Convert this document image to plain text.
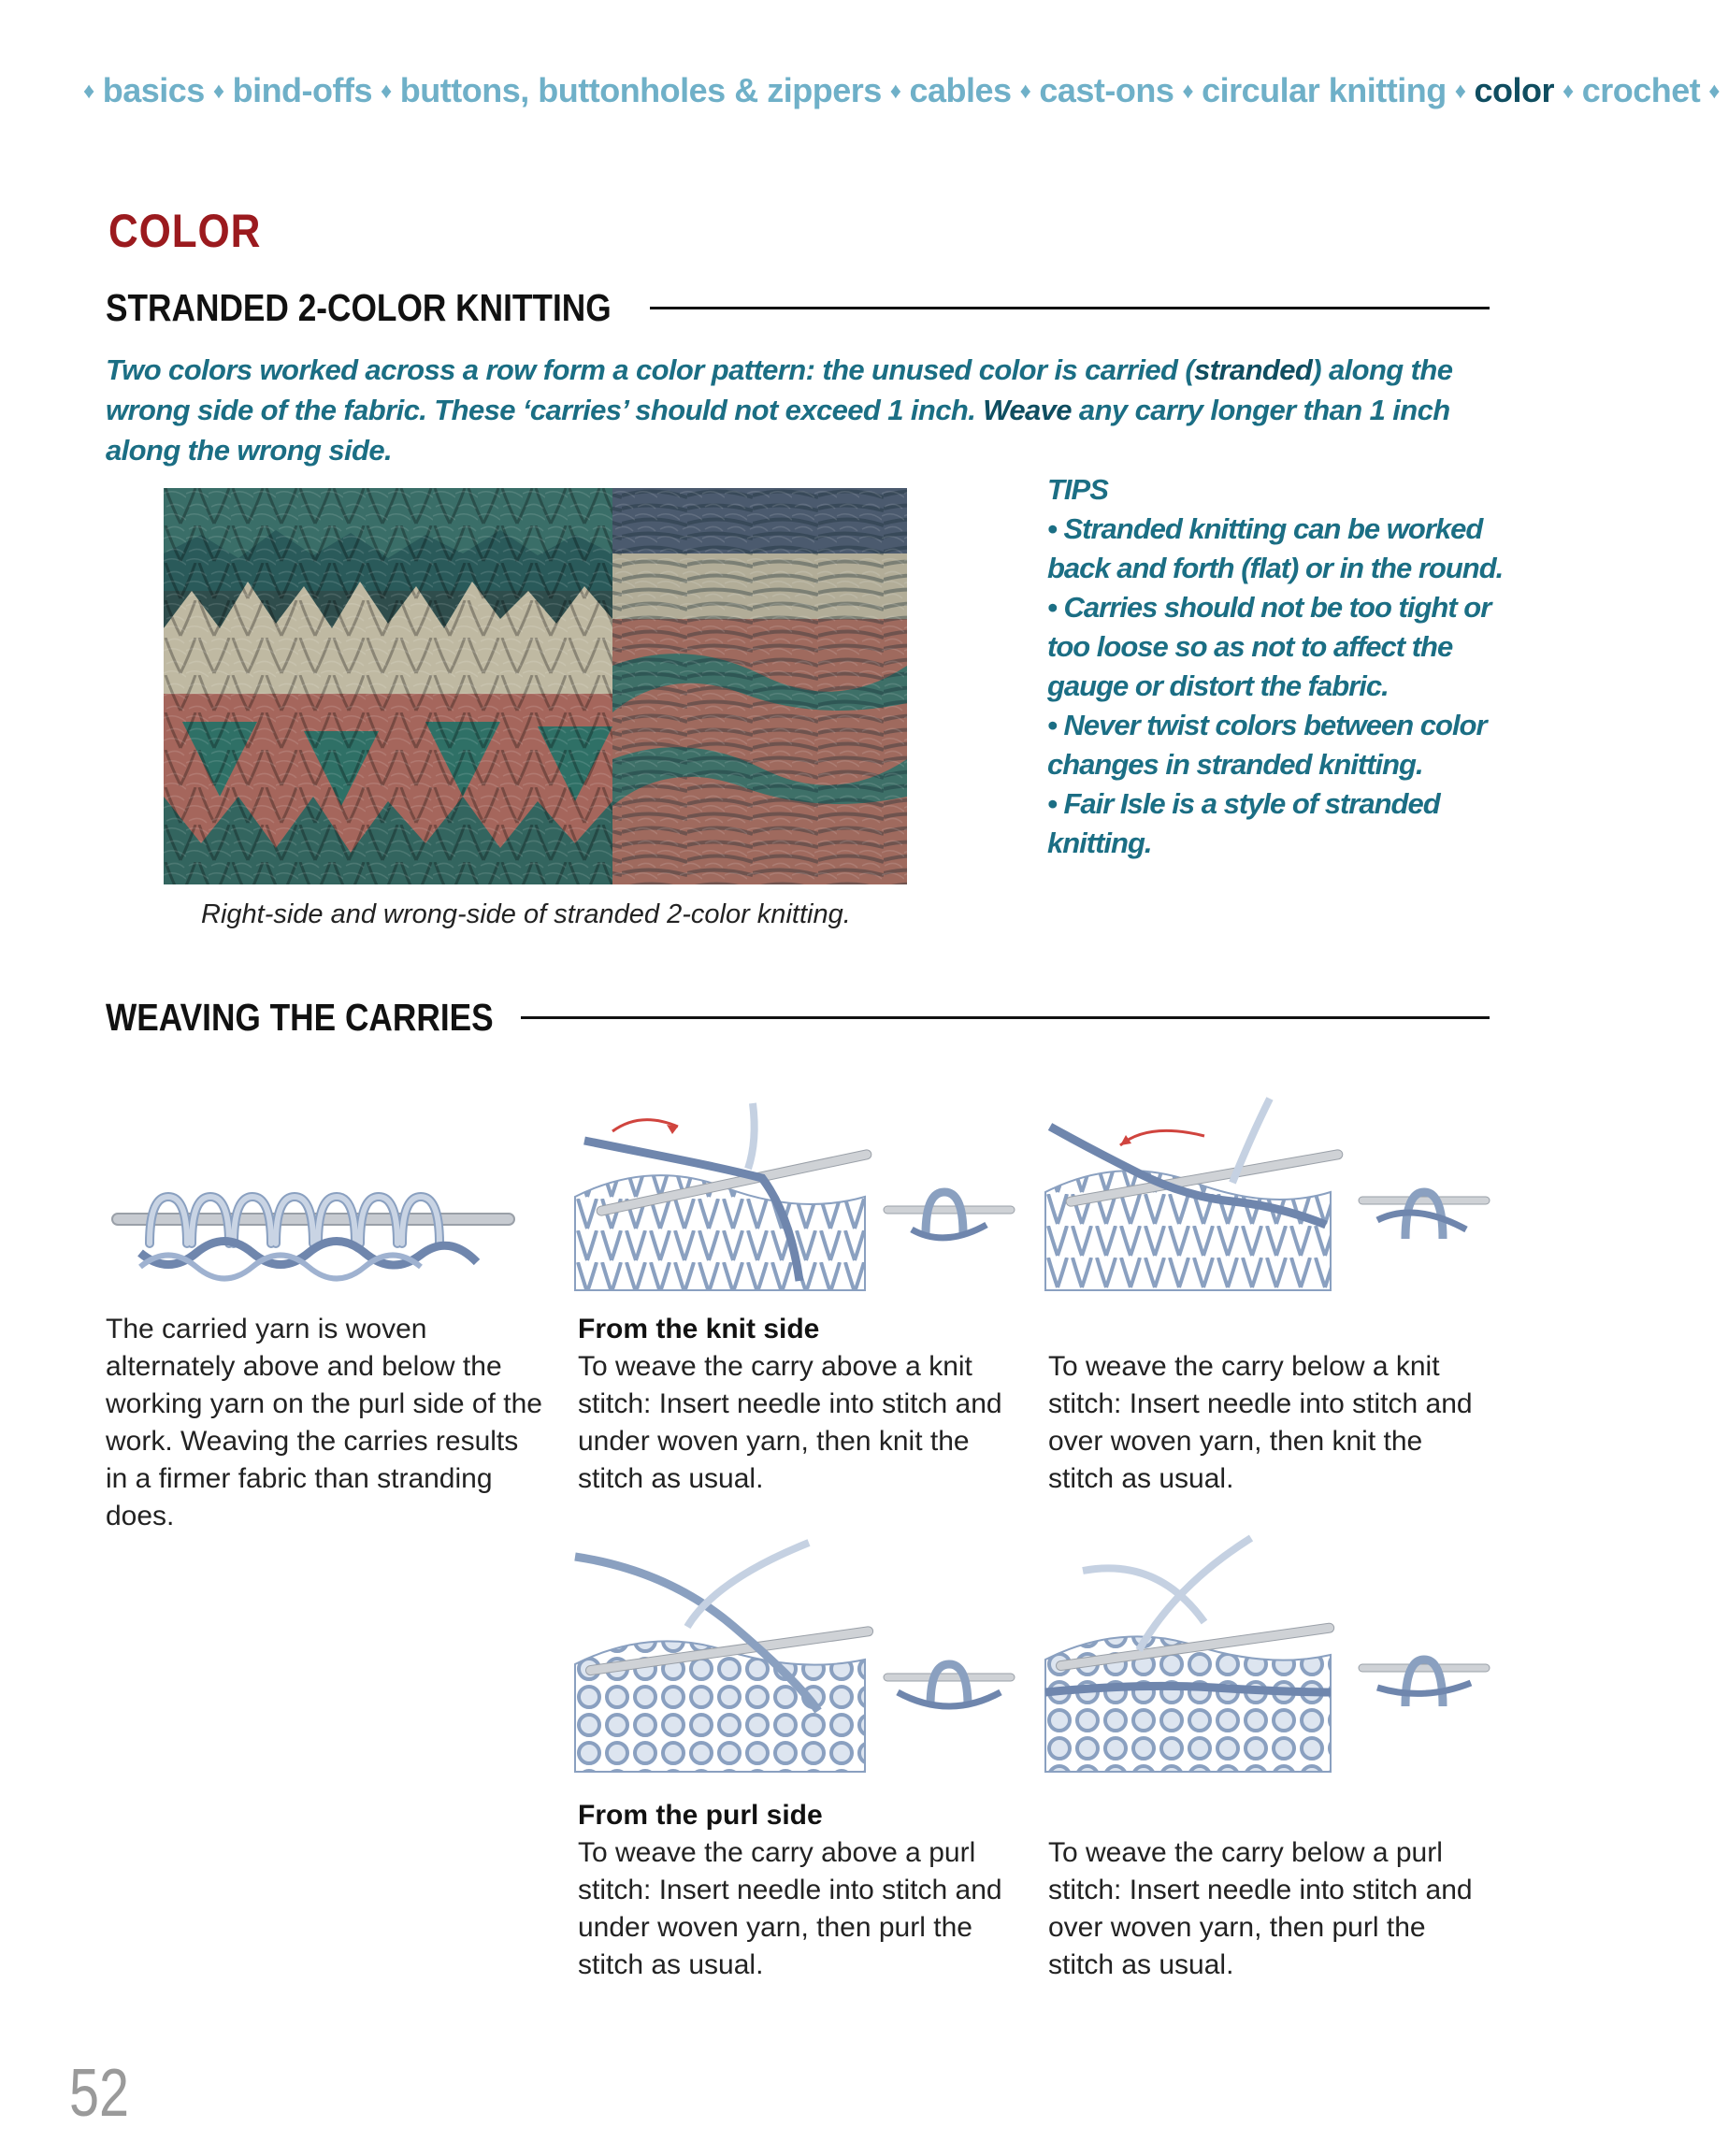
♦ basics ♦ bind-offs ♦ buttons, buttonholes & zippers ♦ cables ♦ cast-ons ♦ circular knitting ♦ color ♦ crochet ♦
COLOR
STRANDED 2-COLOR KNITTING
Two colors worked across a row form a color pattern: the unused color is carried (stranded) along the wrong side of the fabric. These ‘carries’ should not exceed 1 inch. Weave any carry longer than 1 inch along the wrong side.
Right-side and wrong-side of stranded 2-color knitting.
TIPS
• Stranded knitting can be worked back and forth (flat) or in the round.
• Carries should not be too tight or too loose so as not to affect the gauge or distort the fabric.
• Never twist colors between color changes in stranded knitting.
• Fair Isle is a style of stranded knitting.
WEAVING THE CARRIES
The carried yarn is woven alternately above and below the working yarn on the purl side of the work. Weaving the carries results in a firmer fabric than stranding does.
From the knit side
To weave the carry above a knit stitch: Insert needle into stitch and under woven yarn, then knit the stitch as usual.
To weave the carry below a knit stitch: Insert needle into stitch and over woven yarn, then knit the stitch as usual.
From the purl side
To weave the carry above a purl stitch: Insert needle into stitch and under woven yarn, then purl the stitch as usual.
To weave the carry below a purl stitch: Insert needle into stitch and over woven yarn, then purl the stitch as usual.
52
